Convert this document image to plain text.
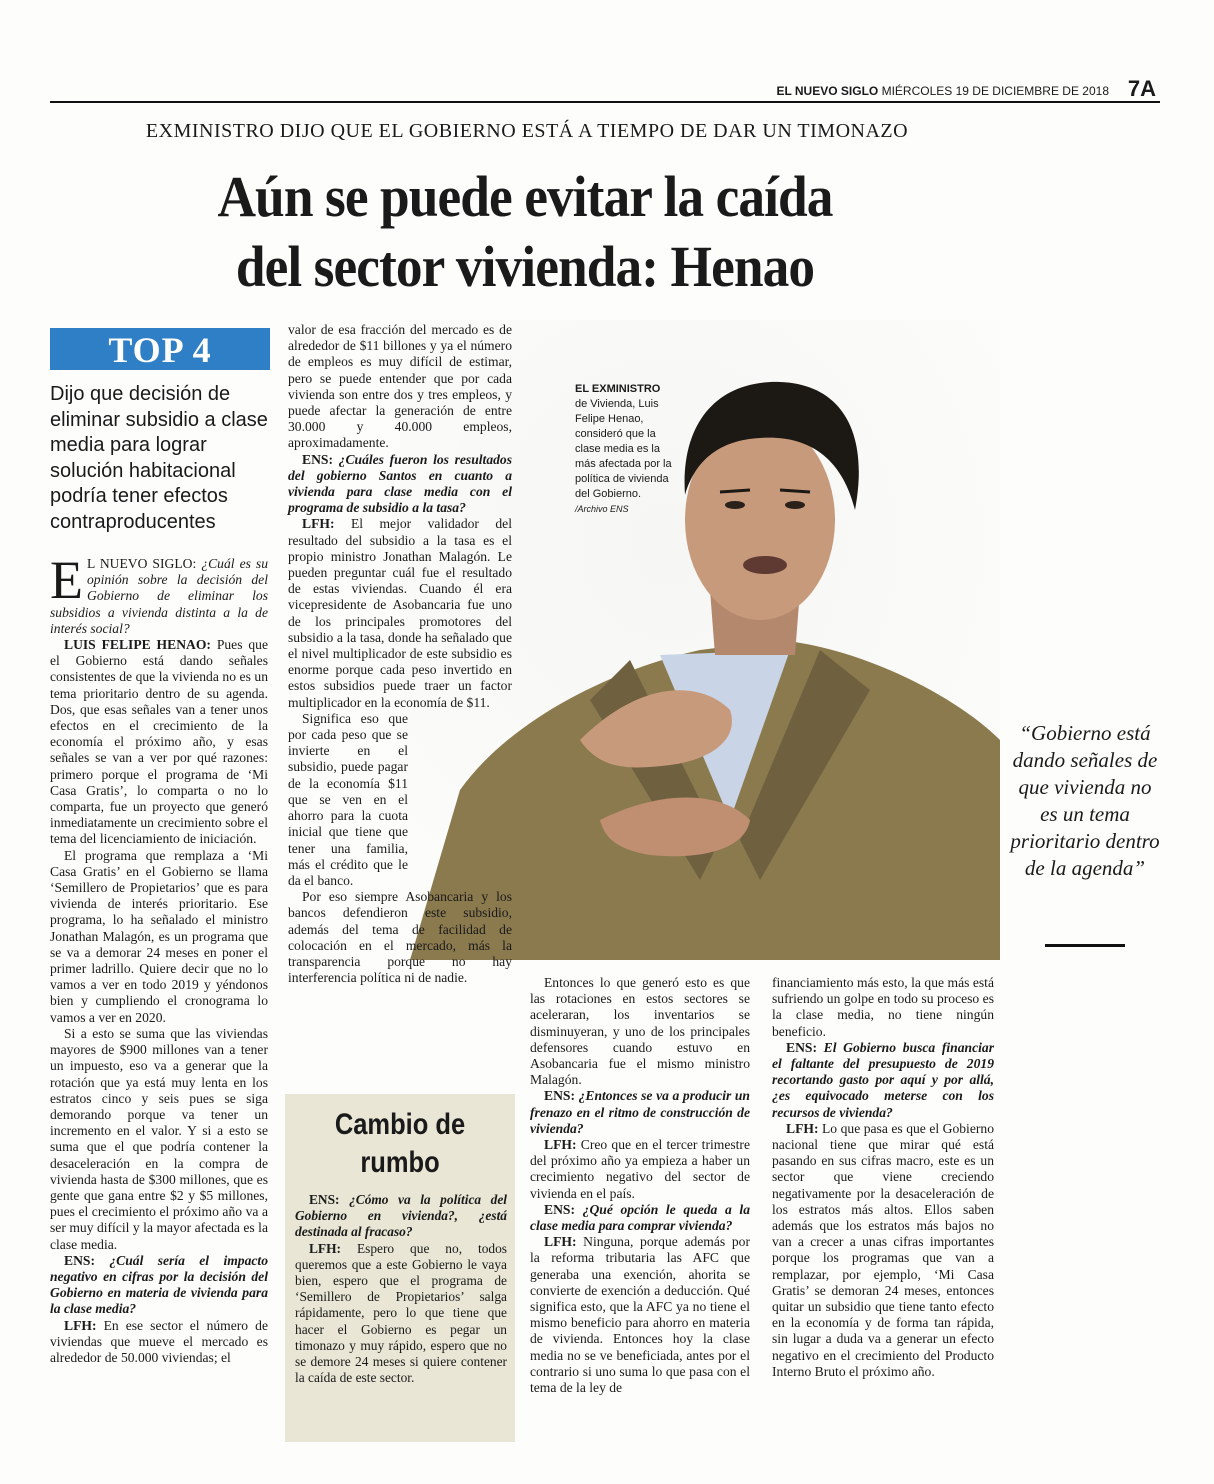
EL NUEVO SIGLO MIÉRCOLES 19 DE DICIEMBRE DE 2018 7A
EXMINISTRO DIJO QUE EL GOBIERNO ESTÁ A TIEMPO DE DAR UN TIMONAZO
Aún se puede evitar la caída
del sector vivienda: Henao
TOP 4
Dijo que decisión de eliminar subsidio a clase media para lograr solución habitacional podría tener efectos contraproducentes

E L NUEVO SIGLO: ¿Cuál es su opinión sobre la decisión del Gobierno de eliminar los subsidios a vivienda distinta a la de interés social?

LUIS FELIPE HENAO: Pues que el Gobierno está dando señales consistentes de que la vivienda no es un tema prioritario dentro de su agenda. Dos, que esas señales van a tener unos efectos en el crecimiento de la economía el próximo año, y esas señales se van a ver por qué razones: primero porque el programa de ‘Mi Casa Gratis’, lo comparta o no lo comparta, fue un proyecto que generó inmediatamente un crecimiento sobre el tema del licenciamiento de iniciación.

El programa que remplaza a ‘Mi Casa Gratis’ en el Gobierno se llama ‘Semillero de Propietarios’ que es para vivienda de interés prioritario. Ese programa, lo ha señalado el ministro Jonathan Malagón, es un programa que se va a demorar 24 meses en poner el primer ladrillo. Quiere decir que no lo vamos a ver en todo 2019 y yéndonos bien y cumpliendo el cronograma lo vamos a ver en 2020.

Si a esto se suma que las viviendas mayores de $900 millones van a tener un impuesto, eso va a generar que la rotación que ya está muy lenta en los estratos cinco y seis pues se siga demorando porque va tener un incremento en el valor. Y si a esto se suma que el que podría contener la desaceleración en la compra de vivienda hasta de $300 millones, que es gente que gana entre $2 y $5 millones, pues el crecimiento el próximo año va a ser muy difícil y la mayor afectada es la clase media.

ENS: ¿Cuál sería el impacto negativo en cifras por la decisión del Gobierno en materia de vivienda para la clase media?

LFH: En ese sector el número de viviendas que mueve el mercado es alrededor de 50.000 viviendas; el

EL EXMINISTRO
de Vivienda, Luis Felipe Henao, consideró que la clase media es la más afectada por la política de vivienda del Gobierno.
/Archivo ENS

valor de esa fracción del mercado es de alrededor de $11 billones y ya el número de empleos es muy difícil de estimar, pero se puede entender que por cada vivienda son entre dos y tres empleos, y puede afectar la generación de entre 30.000 y 40.000 empleos, aproximadamente.

ENS: ¿Cuáles fueron los resultados del gobierno Santos en cuanto a vivienda para clase media con el programa de subsidio a la tasa?

LFH: El mejor validador del resultado del subsidio a la tasa es el propio ministro Jonathan Malagón. Le pueden preguntar cuál fue el resultado de estas viviendas. Cuando él era vicepresidente de Asobancaria fue uno de los principales promotores del subsidio a la tasa, donde ha señalado que el nivel multiplicador de este subsidio es enorme porque cada peso invertido en estos subsidios puede traer un factor multiplicador en la economía de $11.

Significa eso que por cada peso que se invierte en el subsidio, puede pagar de la economía $11 que se ven en el ahorro para la cuota inicial que tiene que tener una familia, más el crédito que le da el banco.

Por eso siempre Asobancaria y los bancos defendieron este subsidio, además del tema de facilidad de colocación en el mercado, más la transparencia porque no hay interferencia política ni de nadie.

Cambio de
rumbo

ENS: ¿Cómo va la política del Gobierno en vivienda?, ¿está destinada al fracaso?

LFH: Espero que no, todos queremos que a este Gobierno le vaya bien, espero que el programa de ‘Semillero de Propietarios’ salga rápidamente, pero lo que tiene que hacer el Gobierno es pegar un timonazo y muy rápido, espero que no se demore 24 meses si quiere contener la caída de este sector.

Entonces lo que generó esto es que las rotaciones en estos sectores se aceleraran, los inventarios se disminuyeran, y uno de los principales defensores cuando estuvo en Asobancaria fue el mismo ministro Malagón.

ENS: ¿Entonces se va a producir un frenazo en el ritmo de construcción de vivienda?

LFH: Creo que en el tercer trimestre del próximo año ya empieza a haber un crecimiento negativo del sector de vivienda en el país.

ENS: ¿Qué opción le queda a la clase media para comprar vivienda?

LFH: Ninguna, porque además por la reforma tributaria las AFC que generaba una exención, ahorita se convierte de exención a deducción. Qué significa esto, que la AFC ya no tiene el mismo beneficio para ahorro en materia de vivienda. Entonces hoy la clase media no se ve beneficiada, antes por el contrario si uno suma lo que pasa con el tema de la ley de

financiamiento más esto, la que más está sufriendo un golpe en todo su proceso es la clase media, no tiene ningún beneficio.

ENS: El Gobierno busca financiar el faltante del presupuesto de 2019 recortando gasto por aquí y por allá, ¿es equivocado meterse con los recursos de vivienda?

LFH: Lo que pasa es que el Gobierno nacional tiene que mirar qué está pasando en sus cifras macro, este es un sector que viene creciendo negativamente por la desaceleración de los estratos más altos. Ellos saben además que los estratos más bajos no van a crecer a unas cifras importantes porque los programas que van a remplazar, por ejemplo, ‘Mi Casa Gratis’ se demoran 24 meses, entonces quitar un subsidio que tiene tanto efecto en la economía y de forma tan rápida, sin lugar a duda va a generar un efecto negativo en el crecimiento del Producto Interno Bruto el próximo año.

“Gobierno está dando señales de que vivienda no es un tema prioritario dentro de la agenda”
